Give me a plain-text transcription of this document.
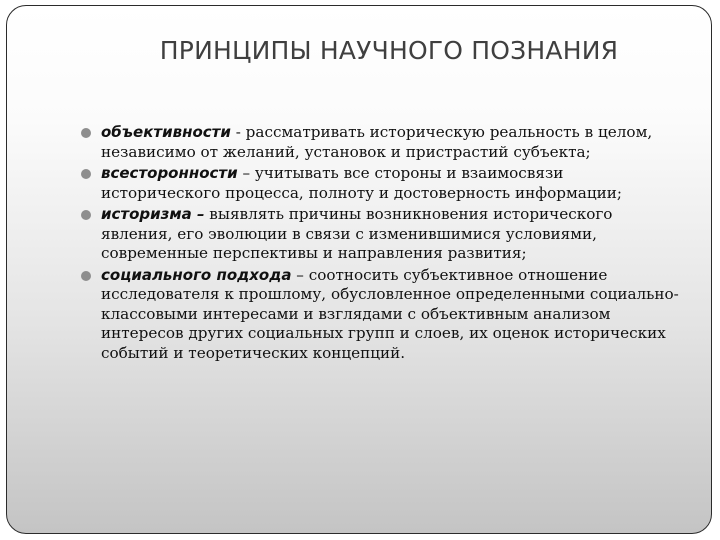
ПРИНЦИПЫ НАУЧНОГО ПОЗНАНИЯ
объективности - рассматривать историческую реальность в целом, независимо от желаний, установок и пристрастий субъекта;
всесторонности – учитывать все стороны и взаимосвязи исторического процесса, полноту и достоверность информации;
историзма – выявлять причины возникновения исторического явления, его эволюции в связи с изменившимися условиями, современные перспективы и направления развития;
социального подхода – соотносить субъективное отношение исследователя к прошлому, обусловленное определенными социально-классовыми интересами и взглядами с объективным анализом интересов других социальных групп и слоев, их оценок исторических событий и теоретических концепций.
